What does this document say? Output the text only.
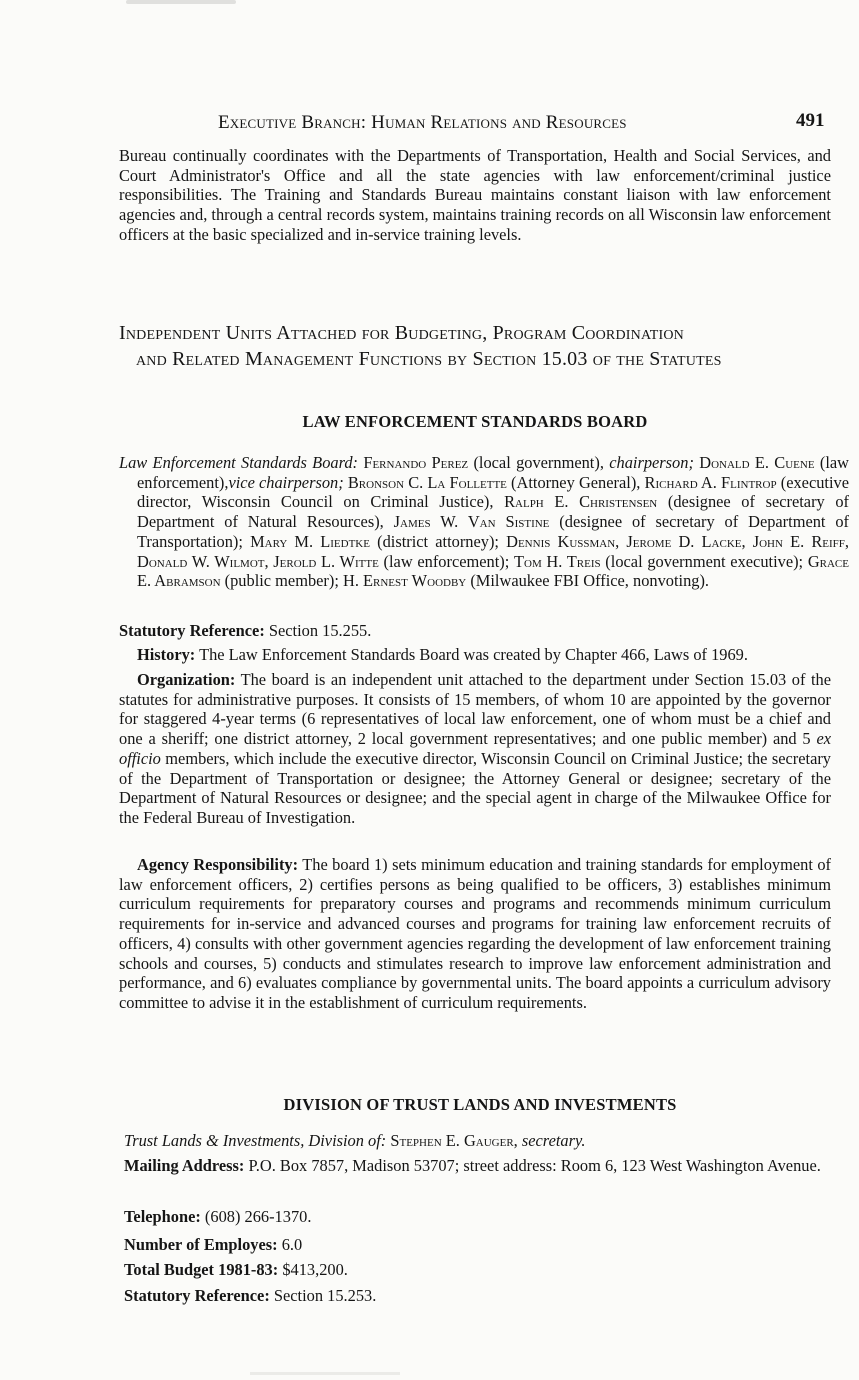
Executive Branch: Human Relations and Resources	491

Bureau continually coordinates with the Departments of Transportation, Health and Social Services, and Court Administrator's Office and all the state agencies with law enforcement/criminal justice responsibilities. The Training and Standards Bureau maintains constant liaison with law enforcement agencies and, through a central records system, maintains training records on all Wisconsin law enforcement officers at the basic specialized and in-service training levels.

Independent Units Attached for Budgeting, Program Coordination
and Related Management Functions by Section 15.03 of the Statutes
LAW ENFORCEMENT STANDARDS BOARD

Law Enforcement Standards Board: Fernando Perez (local government), chairperson; Donald E. Cuene (law enforcement),vice chairperson; Bronson C. La Follette (Attorney General), Richard A. Flintrop (executive director, Wisconsin Council on Criminal Justice), Ralph E. Christensen (designee of secretary of Department of Natural Resources), James W. Van Sistine (designee of secretary of Department of Transportation); Mary M. Liedtke (district attorney); Dennis Kussman, Jerome D. Lacke, John E. Reiff, Donald W. Wilmot, Jerold L. Witte (law enforcement); Tom H. Treis (local government executive); Grace E. Abramson (public member); H. Ernest Woodby (Milwaukee FBI Office, nonvoting).

Statutory Reference: Section 15.255.

History: The Law Enforcement Standards Board was created by Chapter 466, Laws of 1969.

Organization: The board is an independent unit attached to the department under Section 15.03 of the statutes for administrative purposes. It consists of 15 members, of whom 10 are appointed by the governor for staggered 4-year terms (6 representatives of local law enforcement, one of whom must be a chief and one a sheriff; one district attorney, 2 local government representatives; and one public member) and 5 ex officio members, which include the executive director, Wisconsin Council on Criminal Justice; the secretary of the Department of Transportation or designee; the Attorney General or designee; secretary of the Department of Natural Resources or designee; and the special agent in charge of the Milwaukee Office for the Federal Bureau of Investigation.

Agency Responsibility: The board 1) sets minimum education and training standards for employment of law enforcement officers, 2) certifies persons as being qualified to be officers, 3) establishes minimum curriculum requirements for preparatory courses and programs and recommends minimum curriculum requirements for in-service and advanced courses and programs for training law enforcement recruits of officers, 4) consults with other government agencies regarding the development of law enforcement training schools and courses, 5) conducts and stimulates research to improve law enforcement administration and performance, and 6) evaluates compliance by governmental units. The board appoints a curriculum advisory committee to advise it in the establishment of curriculum requirements.

DIVISION OF TRUST LANDS AND INVESTMENTS

Trust Lands & Investments, Division of: Stephen E. Gauger, secretary.

Mailing Address: P.O. Box 7857, Madison 53707; street address: Room 6, 123 West Washington Avenue.

Telephone: (608) 266-1370.

Number of Employes: 6.0

Total Budget 1981-83: $413,200.

Statutory Reference: Section 15.253.
